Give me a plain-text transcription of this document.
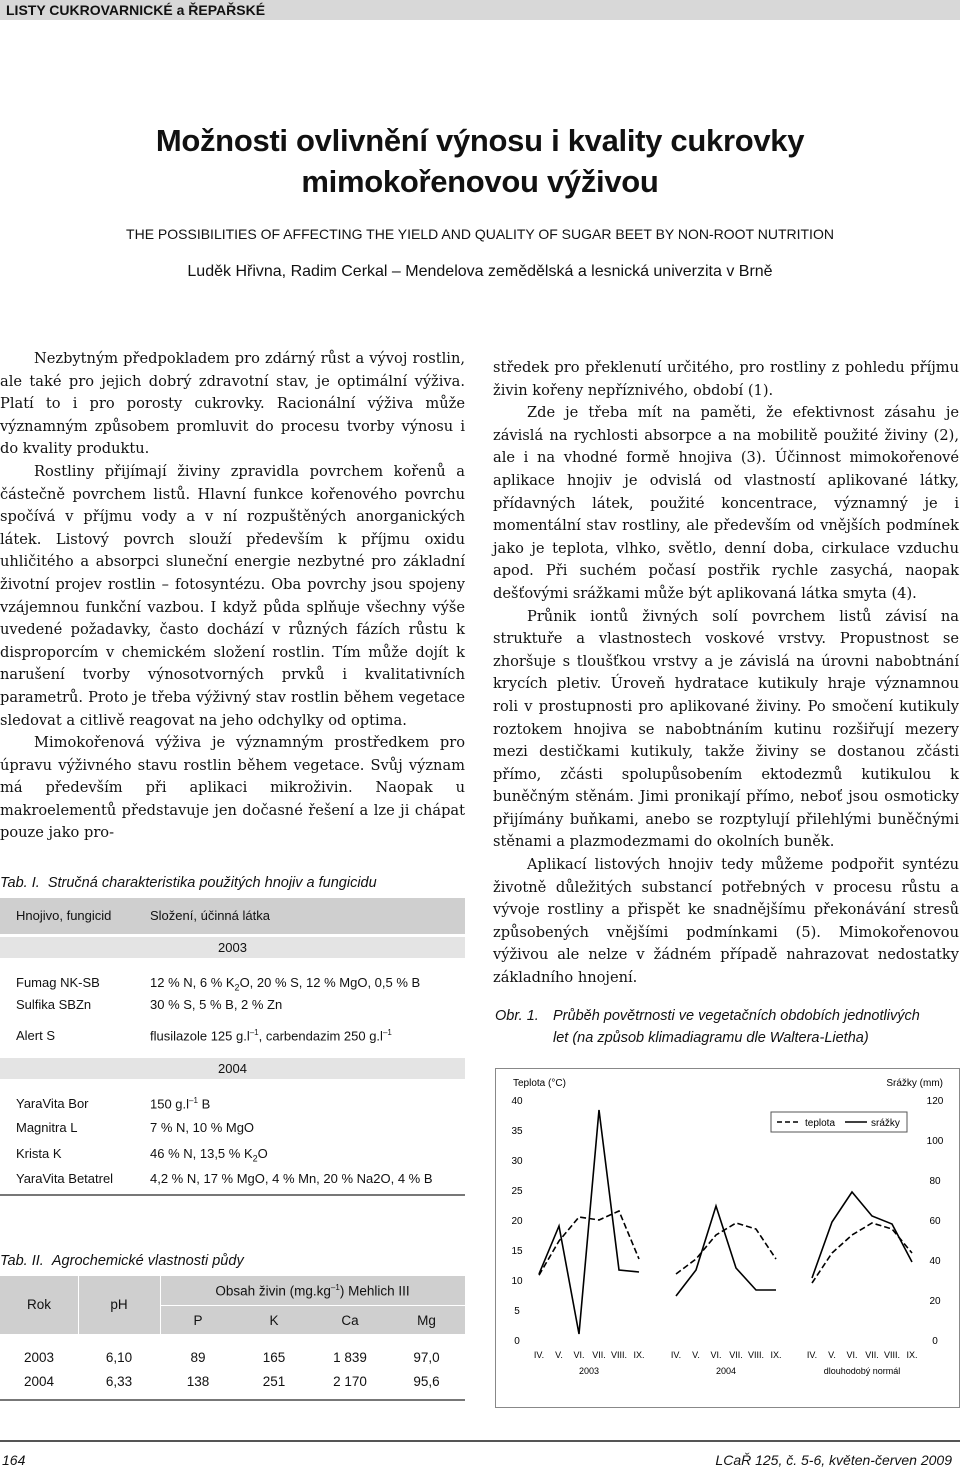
LISTY CUKROVARNICKÉ a ŘEPAŘSKÉ
Možnosti ovlivnění výnosu i kvality cukrovky
mimokořenovou výživou
THE POSSIBILITIES OF AFFECTING THE YIELD AND QUALITY OF SUGAR BEET BY NON-ROOT NUTRITION
Luděk Hřivna, Radim Cerkal – Mendelova zemědělská a lesnická univerzita v Brně

Nezbytným předpokladem pro zdárný růst a vývoj rostlin, ale také pro jejich dobrý zdravotní stav, je optimální výživa. Platí to i pro porosty cukrovky. Racionální výživa může významným způsobem promluvit do procesu tvorby výnosu i do kvality produktu.

Rostliny přijímají živiny zpravidla povrchem kořenů a částečně povrchem listů. Hlavní funkce kořenového povrchu spočívá v příjmu vody a v ní rozpuštěných anorganických látek. Listový povrch slouží především k příjmu oxidu uhličitého a absorpci sluneční energie nezbytné pro základní životní projev rostlin – fotosyntézu. Oba povrchy jsou spojeny vzájemnou funkční vazbou. I když půda splňuje všechny výše uvedené požadavky, často dochází v různých fázích růstu k disproporcím v chemickém složení rostlin. Tím může dojít k narušení tvorby výnosotvorných prvků i kvalitativních parametrů. Proto je třeba výživný stav rostlin během vegetace sledovat a citlivě reagovat na jeho odchylky od optima.

Mimokořenová výživa je významným prostředkem pro úpravu výživného stavu rostlin během vegetace. Svůj význam má především při aplikaci mikroživin. Naopak u makroelementů představuje jen dočasné řešení a lze ji chápat pouze jako pro-

středek pro překlenutí určitého, pro rostliny z pohledu příjmu živin kořeny nepříznivého, období (1).

Zde je třeba mít na paměti, že efektivnost zásahu je závislá na rychlosti absorpce a na mobilitě použité živiny (2), ale i na vhodné formě hnojiva (3). Účinnost mimokořenové aplikace hnojiv je odvislá od vlastností aplikované látky, přídavných látek, použité koncentrace, významný je i momentální stav rostliny, ale především od vnějších podmínek jako je teplota, vlhko, světlo, denní doba, cirkulace vzduchu apod. Při suchém počasí postřik rychle zasychá, naopak dešťovými srážkami může být aplikovaná látka smyta (4).

Průnik iontů živných solí povrchem listů závisí na struktuře a vlastnostech voskové vrstvy. Propustnost se zhoršuje s tloušťkou vrstvy a je závislá na úrovni nabobtnání krycích pletiv. Úroveň hydratace kutikuly hraje významnou roli v prostupnosti pro aplikované živiny. Po smočení kutikuly roztokem hnojiva se nabobtnáním kutinu rozšiřují mezery mezi destičkami kutikuly, takže živiny se dostanou zčásti přímo, zčásti spolupůsobením ektodezmů kutikulou k buněčným stěnám. Jimi pronikají přímo, neboť jsou osmoticky přijímány buňkami, anebo se rozptylují přilehlými buněčnými stěnami a plazmodezmami do okolních buněk.

Aplikací listových hnojiv tedy můžeme podpořit syntézu životně důležitých substancí potřebných v procesu růstu a vývoje rostliny a přispět ke snadnějšímu překonávání stresů způsobených vnějšími podmínkami (5). Mimokořenovou výživou ale nelze v žádném případě nahrazovat nedostatky základního hnojení.

Tab. I. Stručná charakteristika použitých hnojiv a fungicidu
Hnojivo, fungicid	Složení, účinná látka
2003
Fumag NK-SB	12 % N, 6 % $K_2O$, 20 % S, 12 % MgO, 0,5 % B
Sulfika SBZn	30 % S, 5 % B, 2 % Zn
Alert S	flusilazole 125 $g.l^{-1}$, carbendazim 250 $g.l^{-1}$
2004
YaraVita Bor	150 $g.l^{-1}$ B
Magnitra L	7 % N, 10 % MgO
Krista K	46 % N, 13,5 % $K_2O$
YaraVita Betatrel	4,2 % N, 17 % MgO, 4 % Mn, 20 % Na2O, 4 % B
Tab. II. Agrochemické vlastnosti půdy
Rok	pH
Obsah živin $(mg.kg^{-1})$ Mehlich III
P	K	Ca	Mg
2003	6,10	89	165	1 839	97,0
2004	6,33	138	251	2 170	95,6
Obr. 1. Průběh povětrnosti ve vegetačních obdobích jednotlivých
let (na způsob klimadiagramu dle Waltera-Lietha)
Teplota (°C)	Srážky (mm)
40
35
30
25
20
15
10
5
0
120
100
80
60
40
20
0
teplota	srážky
IV. V. VI. VII. VIII. IX.
2003
IV. V. VI. VII. VIII. IX.
2004
IV. V. VI. VII. VIII. IX.
dlouhodobý normál
164	LCaŘ 125, č. 5-6, květen-červen 2009
